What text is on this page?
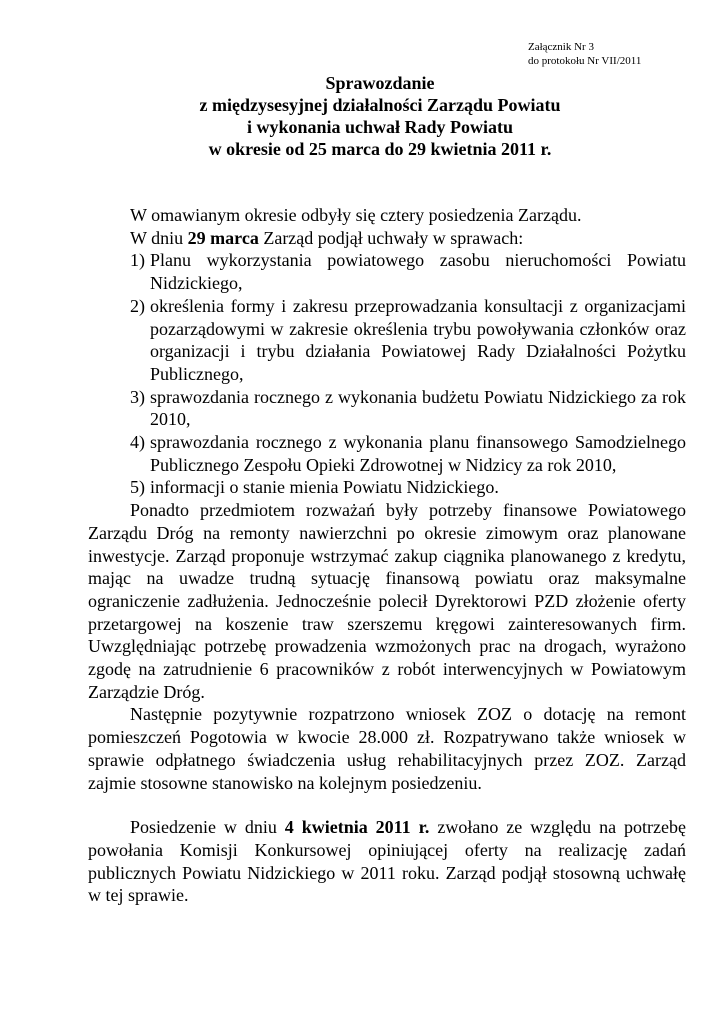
Załącznik Nr 3
do protokołu Nr VII/2011
Sprawozdanie
z międzysesyjnej działalności Zarządu Powiatu
i wykonania uchwał Rady Powiatu
w okresie od 25 marca do 29 kwietnia 2011 r.

W omawianym okresie odbyły się cztery posiedzenia Zarządu.

W dniu 29 marca Zarząd podjął uchwały w sprawach:

1) Planu wykorzystania powiatowego zasobu nieruchomości Powiatu Nidzickiego,
2) określenia formy i zakresu przeprowadzania konsultacji z organizacjami pozarządowymi w zakresie określenia trybu powoływania członków oraz organizacji i trybu działania Powiatowej Rady Działalności Pożytku Publicznego,
3) sprawozdania rocznego z wykonania budżetu Powiatu Nidzickiego za rok 2010,
4) sprawozdania rocznego z wykonania planu finansowego Samodzielnego Publicznego Zespołu Opieki Zdrowotnej w Nidzicy za rok 2010,
5) informacji o stanie mienia Powiatu Nidzickiego.

Ponadto przedmiotem rozważań były potrzeby finansowe Powiatowego Zarządu Dróg na remonty nawierzchni po okresie zimowym oraz planowane inwestycje. Zarząd proponuje wstrzymać zakup ciągnika planowanego z kredytu, mając na uwadze trudną sytuację finansową powiatu oraz maksymalne ograniczenie zadłużenia. Jednocześnie polecił Dyrektorowi PZD złożenie oferty przetargowej na koszenie traw szerszemu kręgowi zainteresowanych firm. Uwzględniając potrzebę prowadzenia wzmożonych prac na drogach, wyrażono zgodę na zatrudnienie 6 pracowników z robót interwencyjnych w Powiatowym Zarządzie Dróg.

Następnie pozytywnie rozpatrzono wniosek ZOZ o dotację na remont pomieszczeń Pogotowia w kwocie 28.000 zł. Rozpatrywano także wniosek w sprawie odpłatnego świadczenia usług rehabilitacyjnych przez ZOZ. Zarząd zajmie stosowne stanowisko na kolejnym posiedzeniu.

Posiedzenie w dniu 4 kwietnia 2011 r. zwołano ze względu na potrzebę powołania Komisji Konkursowej opiniującej oferty na realizację zadań publicznych Powiatu Nidzickiego w 2011 roku. Zarząd podjął stosowną uchwałę w tej sprawie.
